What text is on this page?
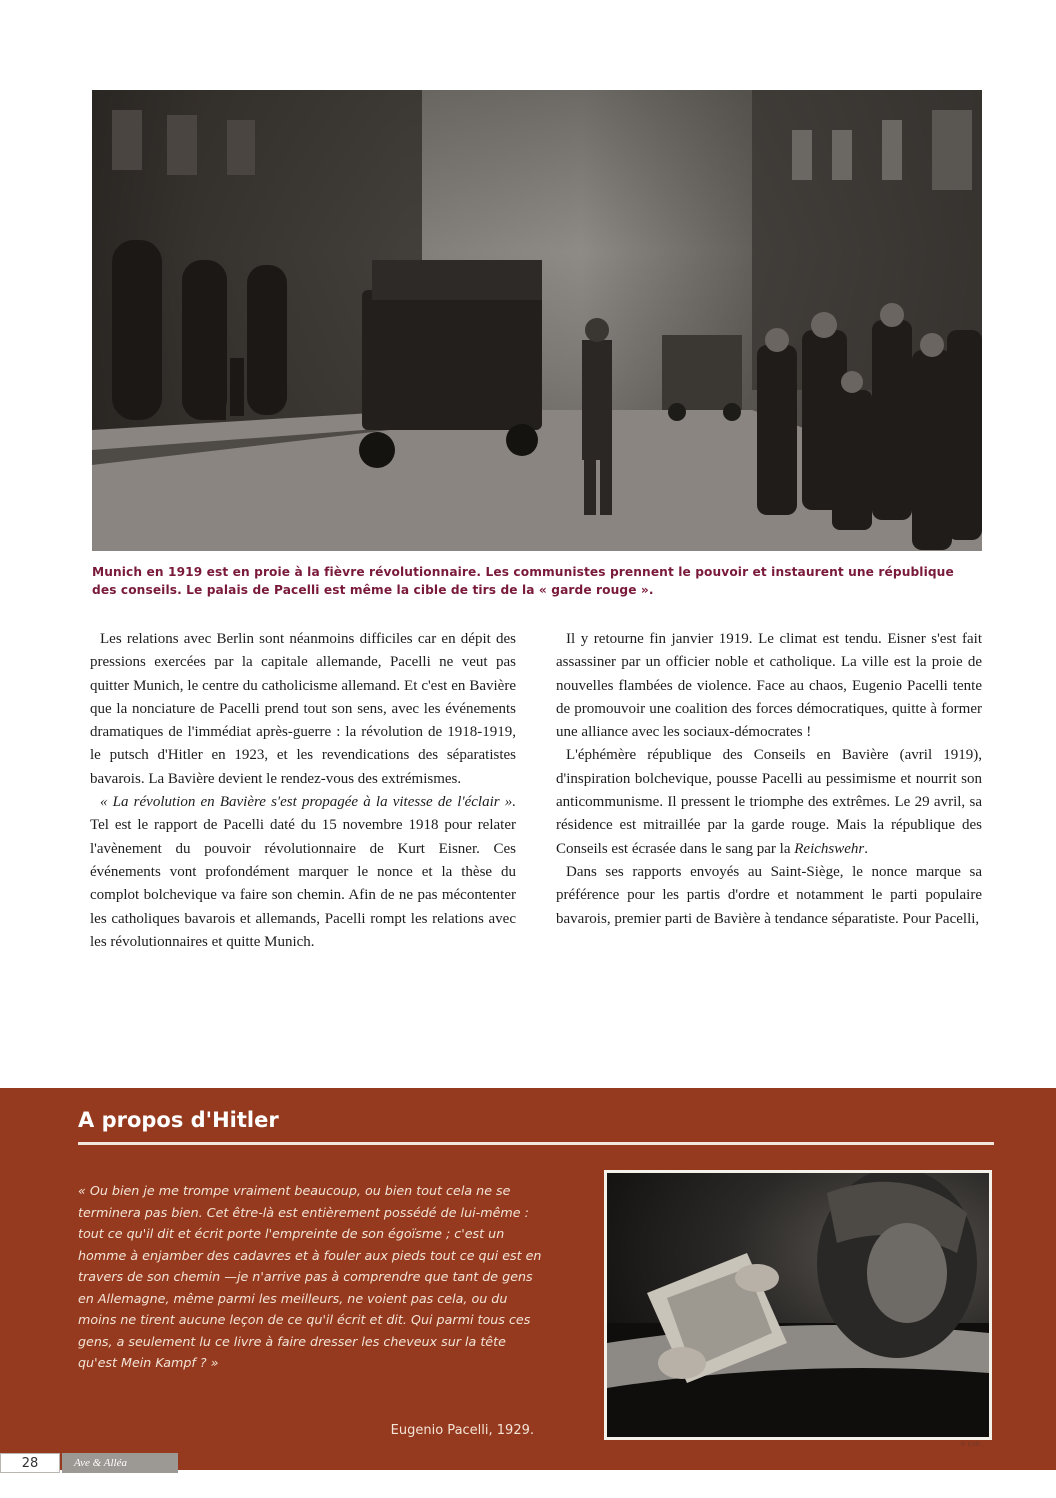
Munich en 1919 est en proie à la fièvre révolutionnaire. Les communistes prennent le pouvoir et instaurent une république des conseils. Le palais de Pacelli est même la cible de tirs de la « garde rouge ».

Les relations avec Berlin sont néanmoins difficiles car en dépit des pressions exercées par la capitale allemande, Pacelli ne veut pas quitter Munich, le centre du catholicisme allemand. Et c'est en Bavière que la nonciature de Pacelli prend tout son sens, avec les événements dramatiques de l'immédiat après-guerre : la révolution de 1918-1919, le putsch d'Hitler en 1923, et les revendications des séparatistes bavarois. La Bavière devient le rendez-vous des extrémismes.

« La révolution en Bavière s'est propagée à la vitesse de l'éclair ». Tel est le rapport de Pacelli daté du 15 novembre 1918 pour relater l'avènement du pouvoir révolutionnaire de Kurt Eisner. Ces événements vont profondément marquer le nonce et la thèse du complot bolchevique va faire son chemin. Afin de ne pas mécontenter les catholiques bavarois et allemands, Pacelli rompt les relations avec les révolutionnaires et quitte Munich.

Il y retourne fin janvier 1919. Le climat est tendu. Eisner s'est fait assassiner par un officier noble et catholique. La ville est la proie de nouvelles flambées de violence. Face au chaos, Eugenio Pacelli tente de promouvoir une coalition des forces démocratiques, quitte à former une alliance avec les sociaux-démocrates !

L'éphémère république des Conseils en Bavière (avril 1919), d'inspiration bolchevique, pousse Pacelli au pessimisme et nourrit son anticommunisme. Il pressent le triomphe des extrêmes. Le 29 avril, sa résidence est mitraillée par la garde rouge. Mais la république des Conseils est écrasée dans le sang par la Reichswehr.

Dans ses rapports envoyés au Saint-Siège, le nonce marque sa préférence pour les partis d'ordre et notamment le parti populaire bavarois, premier parti de Bavière à tendance séparatiste. Pour Pacelli,

A propos d'Hitler
« Ou bien je me trompe vraiment beaucoup, ou bien tout cela ne se terminera pas bien. Cet être-là est entièrement possédé de lui-même : tout ce qu'il dit et écrit porte l'empreinte de son égoïsme ; c'est un homme à enjamber des cadavres et à fouler aux pieds tout ce qui est en travers de son chemin —je n'arrive pas à comprendre que tant de gens en Allemagne, même parmi les meilleurs, ne voient pas cela, ou du moins ne tirent aucune leçon de ce qu'il écrit et dit. Qui parmi tous ces gens, a seulement lu ce livre à faire dresser les cheveux sur la tête qu'est Mein Kampf ? »
Eugenio Pacelli, 1929.
© Coll.
28	Ave & Alléa
